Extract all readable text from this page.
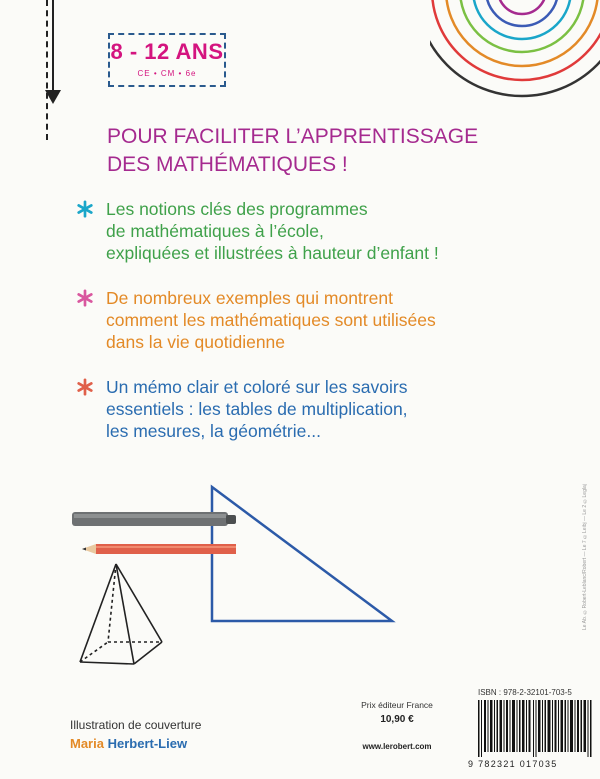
8 - 12 ANS
CE • CM • 6e
POUR FACILITER L’APPRENTISSAGE
DES MATHÉMATIQUES !
Les notions clés des programmes
de mathématiques à l’école,
expliquées et illustrées à hauteur d’enfant !
De nombreux exemples qui montrent
comment les mathématiques sont utilisées
dans la vie quotidienne
Un mémo clair et coloré sur les savoirs
essentiels : les tables de multiplication,
les mesures, la géométrie...
Le Ab. ©Robert-Leblanc/Robert — Le 7 ©Leibj — Le 2 ©Leglaj
Illustration de couverture
Maria Herbert-Liew
Prix éditeur France
10,90 €
www.lerobert.com
ISBN : 978-2-32101-703-5
9 782321 017035
